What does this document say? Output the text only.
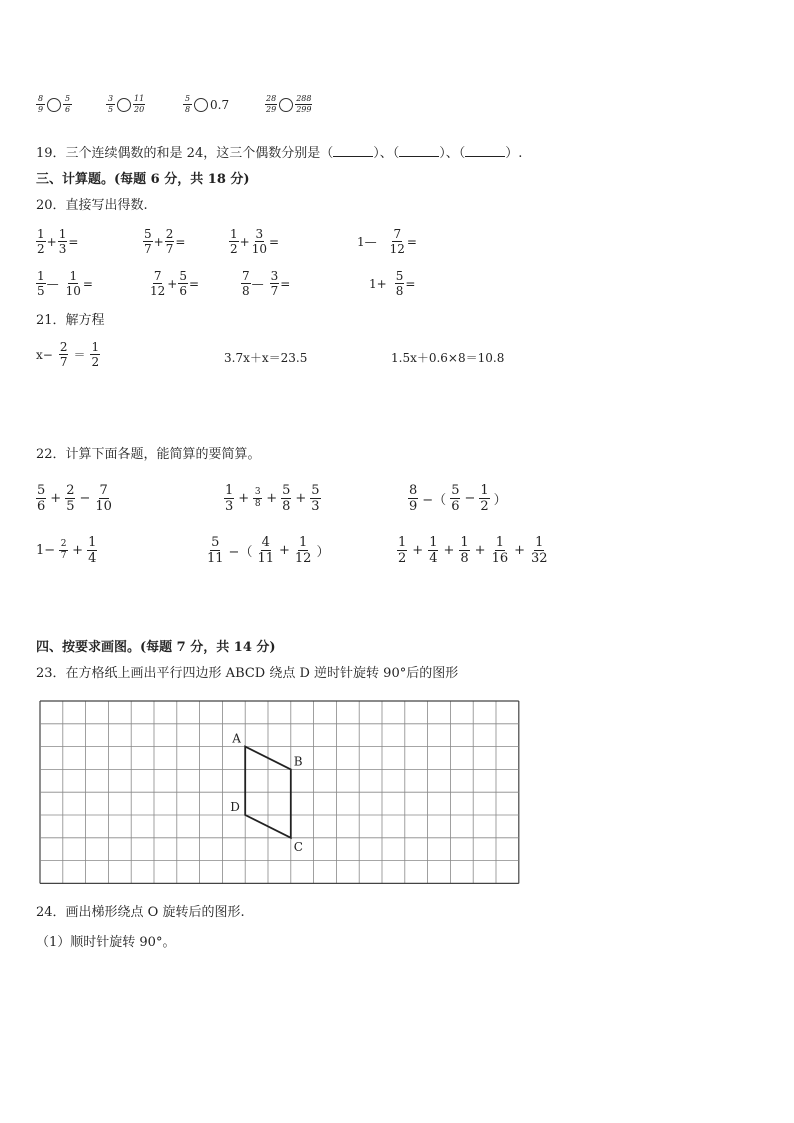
$\frac{8}{9} \frac{5}{6}$	$\frac{3}{5} \frac{11}{20}$	$\frac{5}{8} 0.7$	$\frac{28}{29} \frac{288}{299}$
19．三个连续偶数的和是 24，这三个偶数分别是（	）、（	）、（	）.
三、计算题。(每题 6 分，共 18 分)
20．直接写出得数.
$\frac{1}{2} + \frac{1}{3}$ =	$\frac{5}{7} + \frac{2}{7}$ =	$\frac{1}{2} + \frac{3}{10}$ =	1— $\frac{7}{12}$ =
$\frac{1}{5}$ — $\frac{1}{10}$ =	$\frac{7}{12} + \frac{5}{6}$ =	$\frac{7}{8}$ — $\frac{3}{7}$ =	$1+ \frac{5}{8}$ =
21．解方程
$x- \frac{2}{7} = \frac{1}{2}$	3.7x＋x＝23.5	1.5x＋0.6×8＝10.8
22．计算下面各题，能简算的要简算。
$\frac{5}{6} + \frac{2}{5} - \frac{7}{10}$	$\frac{1}{3} + \frac{3}{8} + \frac{5}{8} + \frac{5}{3}$	$\frac{8}{9}$ −（ $\frac{5}{6} - \frac{1}{2}$ ）
$1- \frac{2}{7} + \frac{1}{4}$	$\frac{5}{11}$ −（ $\frac{4}{11} + \frac{1}{12}$ ）	$\frac{1}{2} + \frac{1}{4} + \frac{1}{8} + \frac{1}{16} + \frac{1}{32}$
四、按要求画图。(每题 7 分，共 14 分)
23．在方格纸上画出平行四边形 ABCD 绕点 D 逆时针旋转 90°后的图形
A
B
C
D
24．画出梯形绕点 O 旋转后的图形.
（1）顺时针旋转 90°。
